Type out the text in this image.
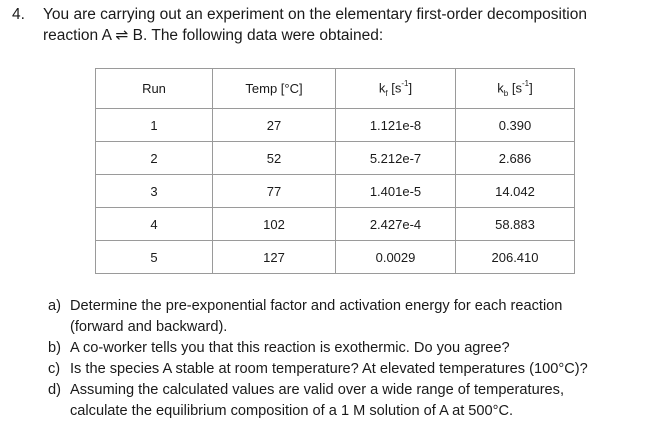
4. You are carrying out an experiment on the elementary first-order decomposition
reaction A ⇌ B. The following data were obtained:
Run	Temp [°C]	$k_f$ $[s^{-1}]$	$k_b$ $[s^{-1}]$
1	27	1.121e-8	0.390
2	52	5.212e-7	2.686
3	77	1.401e-5	14.042
4	102	2.427e-4	58.883
5	127	0.0029	206.410
a) Determine the pre-exponential factor and activation energy for each reaction
(forward and backward).
b) A co-worker tells you that this reaction is exothermic. Do you agree?
c) Is the species A stable at room temperature? At elevated temperatures (100°C)?
d) Assuming the calculated values are valid over a wide range of temperatures,
calculate the equilibrium composition of a 1 M solution of A at 500°C.
